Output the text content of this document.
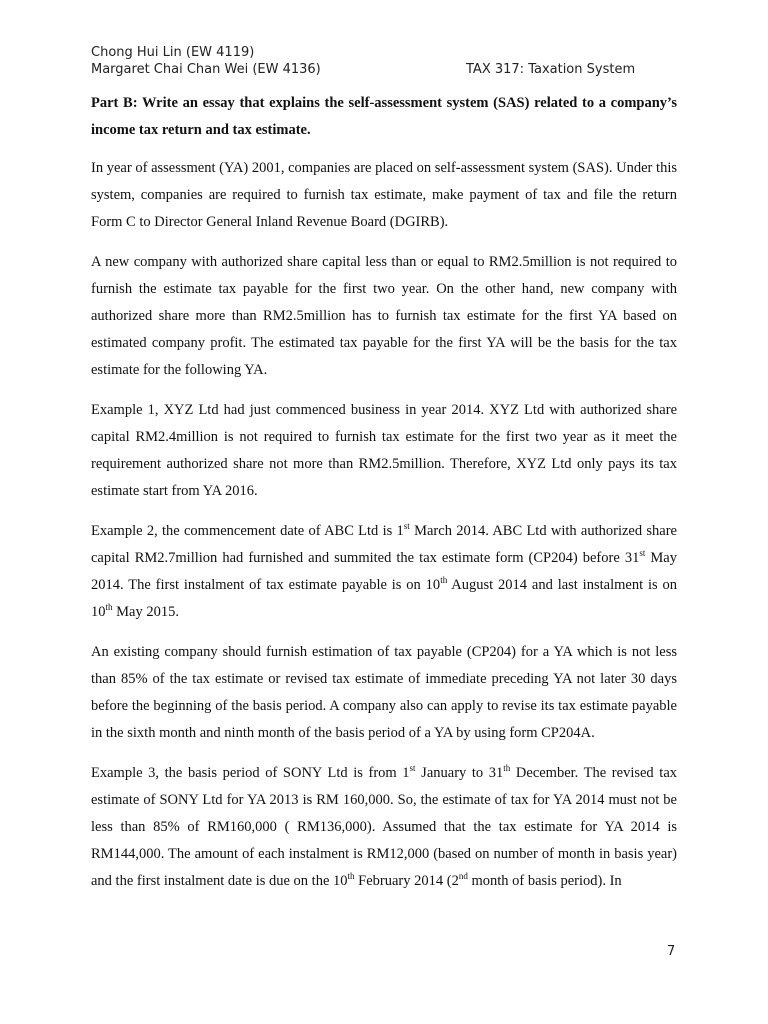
Chong Hui Lin (EW 4119)
Margaret Chai Chan Wei (EW 4136)	TAX 317: Taxation System

Part B: Write an essay that explains the self-assessment system (SAS) related to a company’s income tax return and tax estimate.

In year of assessment (YA) 2001, companies are placed on self-assessment system (SAS). Under this system, companies are required to furnish tax estimate, make payment of tax and file the return Form C to Director General Inland Revenue Board (DGIRB).

A new company with authorized share capital less than or equal to RM2.5million is not required to furnish the estimate tax payable for the first two year. On the other hand, new company with authorized share more than RM2.5million has to furnish tax estimate for the first YA based on estimated company profit. The estimated tax payable for the first YA will be the basis for the tax estimate for the following YA.

Example 1, XYZ Ltd had just commenced business in year 2014. XYZ Ltd with authorized share capital RM2.4million is not required to furnish tax estimate for the first two year as it meet the requirement authorized share not more than RM2.5million. Therefore, XYZ Ltd only pays its tax estimate start from YA 2016.

Example 2, the commencement date of ABC Ltd is 1st March 2014. ABC Ltd with authorized share capital RM2.7million had furnished and summited the tax estimate form (CP204) before 31st May 2014. The first instalment of tax estimate payable is on 10th August 2014 and last instalment is on 10th May 2015.

An existing company should furnish estimation of tax payable (CP204) for a YA which is not less than 85% of the tax estimate or revised tax estimate of immediate preceding YA not later 30 days before the beginning of the basis period. A company also can apply to revise its tax estimate payable in the sixth month and ninth month of the basis period of a YA by using form CP204A.

Example 3, the basis period of SONY Ltd is from 1st January to 31th December. The revised tax estimate of SONY Ltd for YA 2013 is RM 160,000. So, the estimate of tax for YA 2014 must not be less than 85% of RM160,000 ( RM136,000). Assumed that the tax estimate for YA 2014 is RM144,000. The amount of each instalment is RM12,000 (based on number of month in basis year) and the first instalment date is due on the 10th February 2014 (2nd month of basis period). In

7
